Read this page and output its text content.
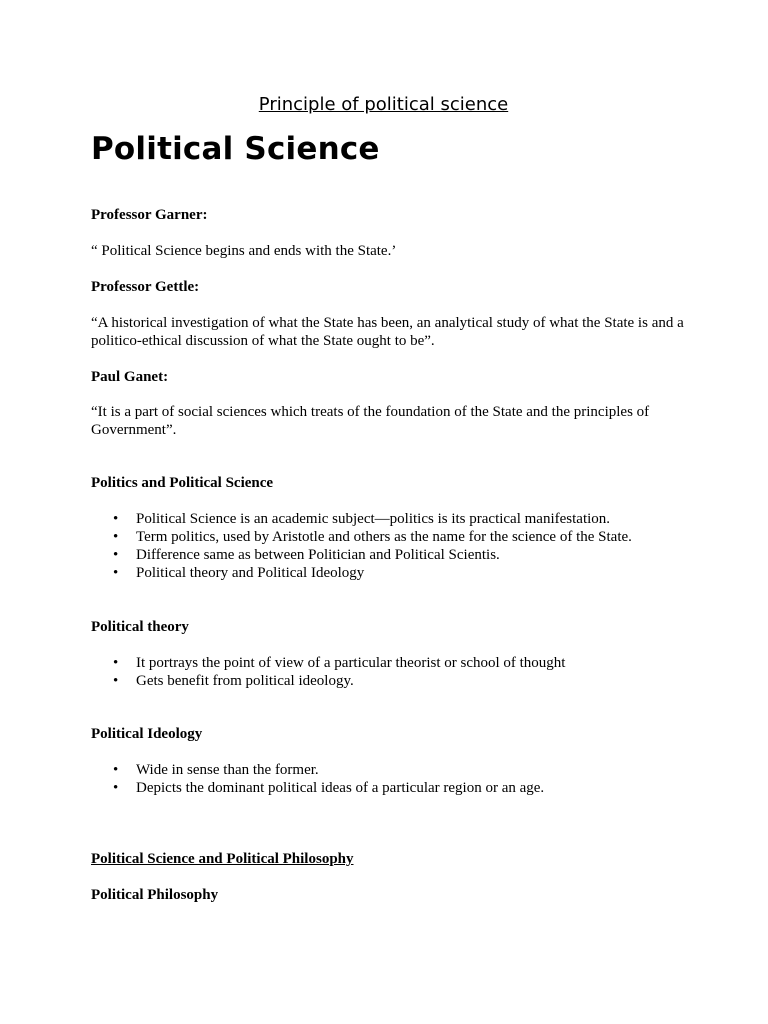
Principle of political science
Political Science

Professor Garner:

“ Political Science begins and ends with the State.’

Professor Gettle:

“A historical investigation of what the State has been, an analytical study of what the State is and a politico-ethical discussion of what the State ought to be”.

Paul Ganet:

“It is a part of social sciences which treats of the foundation of the State and the principles of Government”.

Politics and Political Science

• Political Science is an academic subject—politics is its practical manifestation.
• Term politics, used by Aristotle and others as the name for the science of the State.
• Difference same as between Politician and Political Scientis.
• Political theory and Political Ideology

Political theory

• It portrays the point of view of a particular theorist or school of thought
• Gets benefit from political ideology.

Political Ideology

• Wide in sense than the former.
• Depicts the dominant political ideas of a particular region or an age.

Political Science and Political Philosophy

Political Philosophy
